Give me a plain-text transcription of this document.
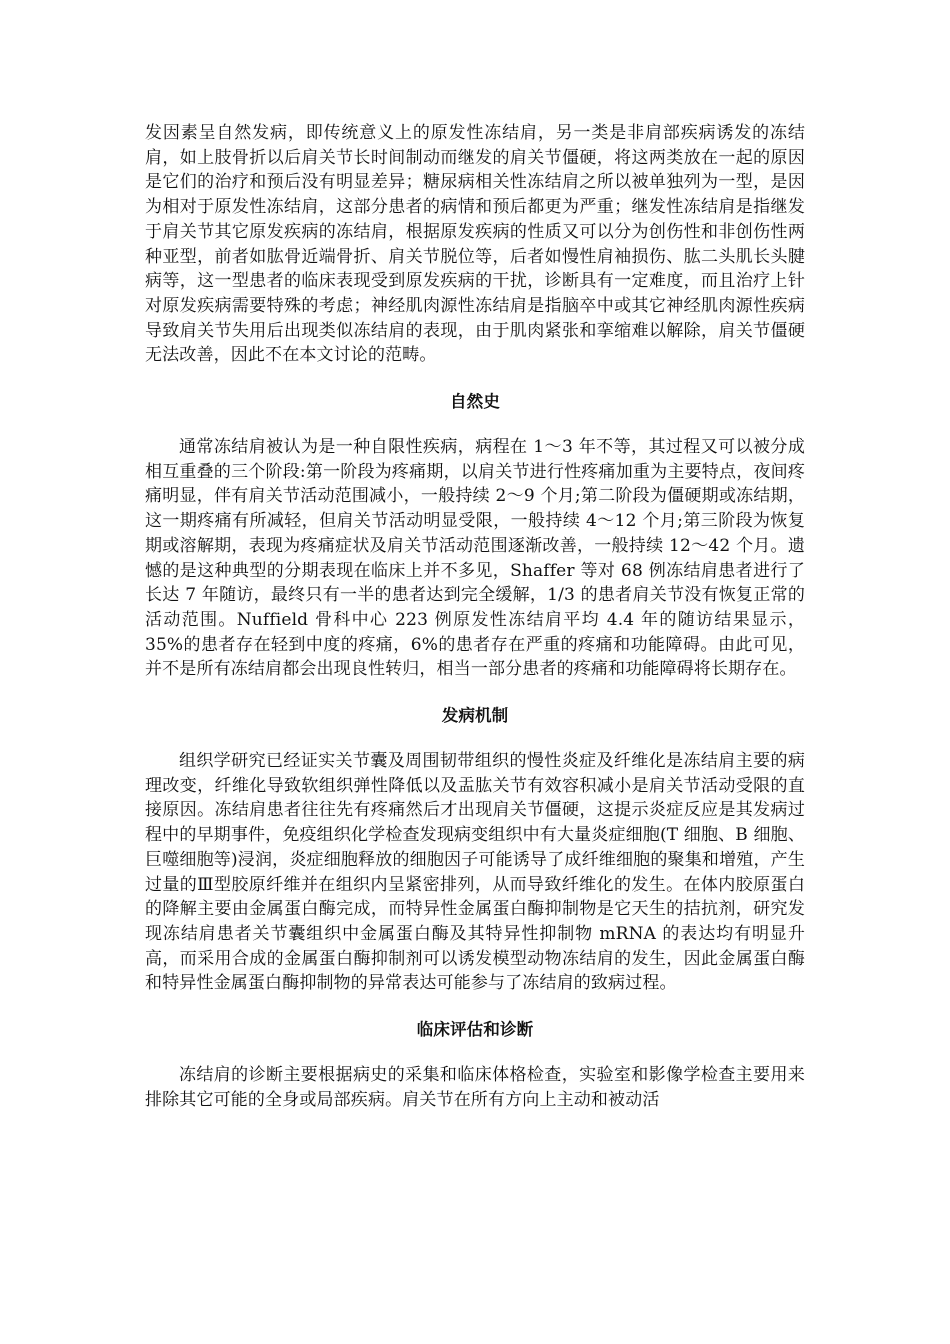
发因素呈自然发病，即传统意义上的原发性冻结肩，另一类是非肩部疾病诱发的冻结肩，如上肢骨折以后肩关节长时间制动而继发的肩关节僵硬，将这两类放在一起的原因是它们的治疗和预后没有明显差异；糖尿病相关性冻结肩之所以被单独列为一型，是因为相对于原发性冻结肩，这部分患者的病情和预后都更为严重；继发性冻结肩是指继发于肩关节其它原发疾病的冻结肩，根据原发疾病的性质又可以分为创伤性和非创伤性两种亚型，前者如肱骨近端骨折、肩关节脱位等，后者如慢性肩袖损伤、肱二头肌长头腱病等，这一型患者的临床表现受到原发疾病的干扰，诊断具有一定难度，而且治疗上针对原发疾病需要特殊的考虑；神经肌肉源性冻结肩是指脑卒中或其它神经肌肉源性疾病导致肩关节失用后出现类似冻结肩的表现，由于肌肉紧张和挛缩难以解除，肩关节僵硬无法改善，因此不在本文讨论的范畴。

自然史

通常冻结肩被认为是一种自限性疾病，病程在 1～3 年不等，其过程又可以被分成相互重叠的三个阶段:第一阶段为疼痛期，以肩关节进行性疼痛加重为主要特点，夜间疼痛明显，伴有肩关节活动范围减小，一般持续 2～9 个月;第二阶段为僵硬期或冻结期，这一期疼痛有所减轻，但肩关节活动明显受限，一般持续 4～12 个月;第三阶段为恢复期或溶解期，表现为疼痛症状及肩关节活动范围逐渐改善，一般持续 12～42 个月。遗憾的是这种典型的分期表现在临床上并不多见，Shaffer 等对 68 例冻结肩患者进行了长达 7 年随访，最终只有一半的患者达到完全缓解，1/3 的患者肩关节没有恢复正常的活动范围。Nuffield 骨科中心 223 例原发性冻结肩平均 4.4 年的随访结果显示，35%的患者存在轻到中度的疼痛，6%的患者存在严重的疼痛和功能障碍。由此可见，并不是所有冻结肩都会出现良性转归，相当一部分患者的疼痛和功能障碍将长期存在。

发病机制

组织学研究已经证实关节囊及周围韧带组织的慢性炎症及纤维化是冻结肩主要的病理改变，纤维化导致软组织弹性降低以及盂肱关节有效容积减小是肩关节活动受限的直接原因。冻结肩患者往往先有疼痛然后才出现肩关节僵硬，这提示炎症反应是其发病过程中的早期事件，免疫组织化学检查发现病变组织中有大量炎症细胞(T 细胞、B 细胞、巨噬细胞等)浸润，炎症细胞释放的细胞因子可能诱导了成纤维细胞的聚集和增殖，产生过量的Ⅲ型胶原纤维并在组织内呈紧密排列，从而导致纤维化的发生。在体内胶原蛋白的降解主要由金属蛋白酶完成，而特异性金属蛋白酶抑制物是它天生的拮抗剂，研究发现冻结肩患者关节囊组织中金属蛋白酶及其特异性抑制物 mRNA 的表达均有明显升高，而采用合成的金属蛋白酶抑制剂可以诱发模型动物冻结肩的发生，因此金属蛋白酶和特异性金属蛋白酶抑制物的异常表达可能参与了冻结肩的致病过程。

临床评估和诊断

冻结肩的诊断主要根据病史的采集和临床体格检查，实验室和影像学检查主要用来排除其它可能的全身或局部疾病。肩关节在所有方向上主动和被动活
